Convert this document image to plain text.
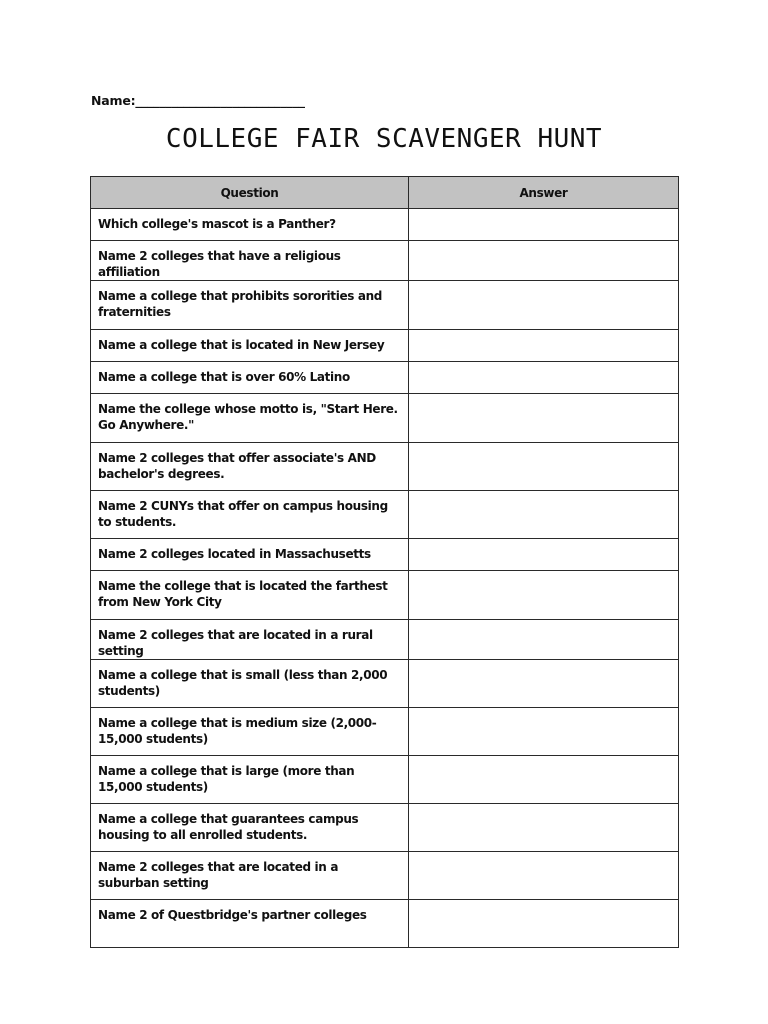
Name:____________________________
COLLEGE FAIR SCAVENGER HUNT
Question	Answer
Which college's mascot is a Panther?	
Name 2 colleges that have a religious affiliation	
Name a college that prohibits sororities and fraternities	
Name a college that is located in New Jersey	
Name a college that is over 60% Latino	
Name the college whose motto is, "Start Here. Go Anywhere."	
Name 2 colleges that offer associate's AND bachelor's degrees.	
Name 2 CUNYs that offer on campus housing to students.	
Name 2 colleges located in Massachusetts	
Name the college that is located the farthest from New York City	
Name 2 colleges that are located in a rural setting	
Name a college that is small (less than 2,000 students)	
Name a college that is medium size (2,000-15,000 students)	
Name a college that is large (more than 15,000 students)	
Name a college that guarantees campus housing to all enrolled students.	
Name 2 colleges that are located in a suburban setting	
Name 2 of Questbridge's partner colleges	
